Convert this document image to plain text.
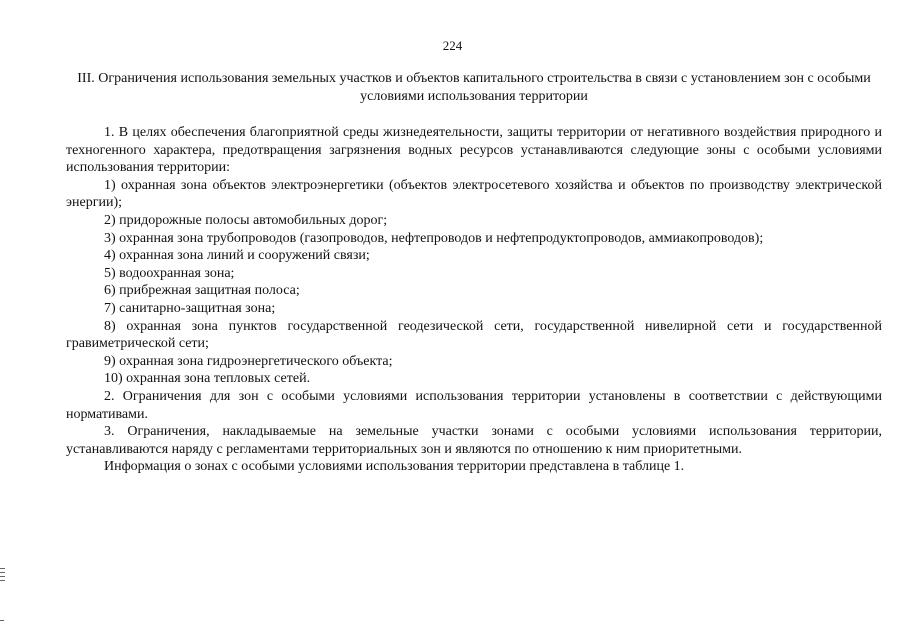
224
III. Ограничения использования земельных участков и объектов капитального строительства в связи с установлением зон с особыми условиями использования территории

1. В целях обеспечения благоприятной среды жизнедеятельности, защиты территории от негативного воздействия природного и техногенного характера, предотвращения загрязнения водных ресурсов устанавливаются следующие зоны с особыми условиями использования территории:

1) охранная зона объектов электроэнергетики (объектов электросетевого хозяйства и объектов по производству электрической энергии);

2) придорожные полосы автомобильных дорог;

3) охранная зона трубопроводов (газопроводов, нефтепроводов и нефтепродуктопроводов, аммиакопроводов);

4) охранная зона линий и сооружений связи;

5) водоохранная зона;

6) прибрежная защитная полоса;

7) санитарно-защитная зона;

8) охранная зона пунктов государственной геодезической сети, государственной нивелирной сети и государственной гравиметрической сети;

9) охранная зона гидроэнергетического объекта;

10) охранная зона тепловых сетей.

2. Ограничения для зон с особыми условиями использования территории установлены в соответствии с действующими нормативами.

3. Ограничения, накладываемые на земельные участки зонами с особыми условиями использования территории, устанавливаются наряду с регламентами территориальных зон и являются по отношению к ним приоритетными.

Информация о зонах с особыми условиями использования территории представлена в таблице 1.
